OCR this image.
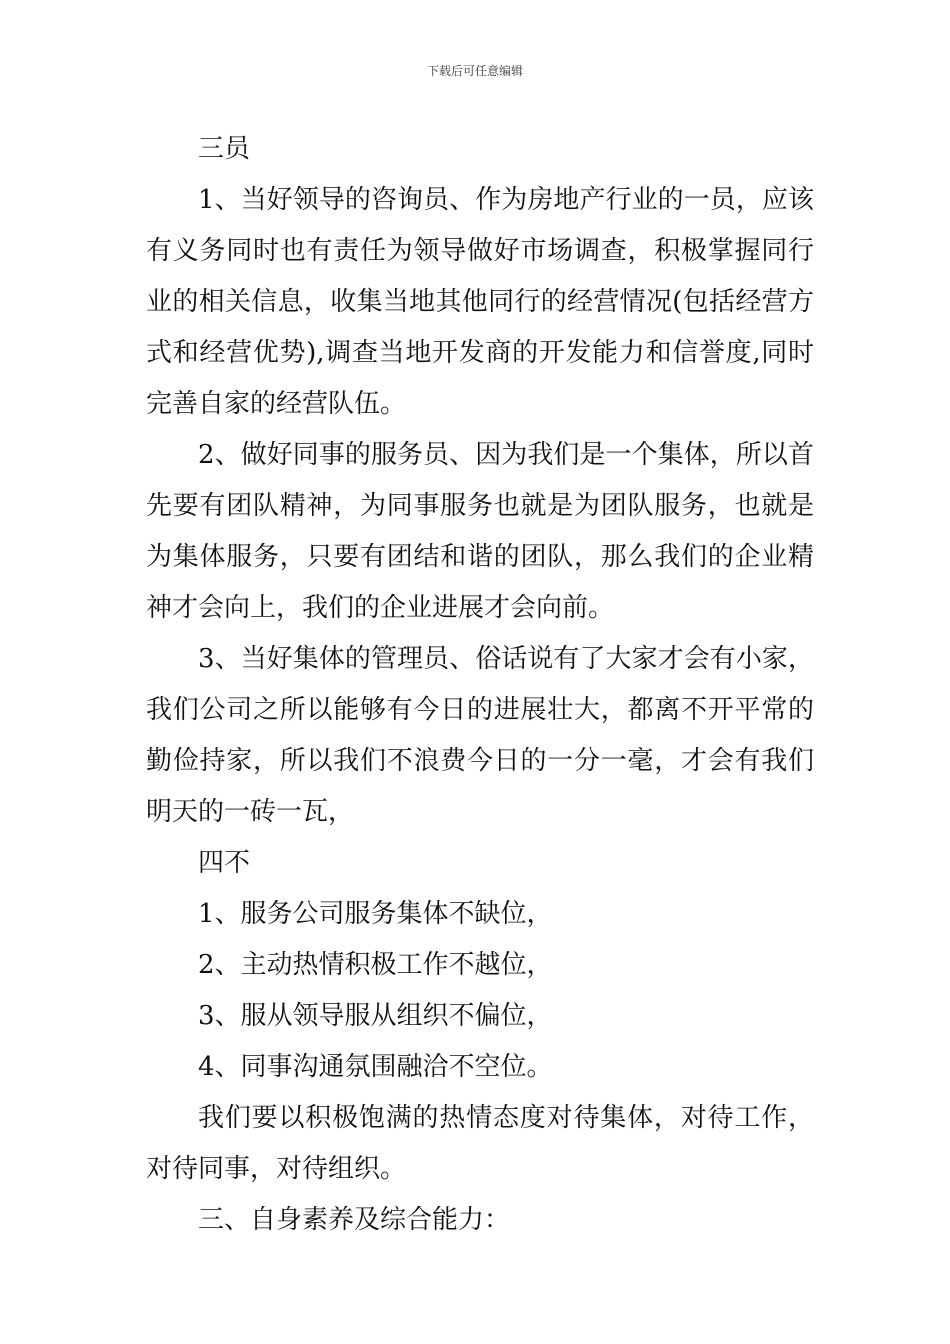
下载后可任意编辑

三员

1、当好领导的咨询员、作为房地产行业的一员，应该有义务同时也有责任为领导做好市场调查，积极掌握同行业的相关信息，收集当地其他同行的经营情况(包括经营方式和经营优势),调查当地开发商的开发能力和信誉度,同时完善自家的经营队伍。

2、做好同事的服务员、因为我们是一个集体，所以首先要有团队精神，为同事服务也就是为团队服务，也就是为集体服务，只要有团结和谐的团队，那么我们的企业精神才会向上，我们的企业进展才会向前。

3、当好集体的管理员、俗话说有了大家才会有小家，我们公司之所以能够有今日的进展壮大，都离不开平常的勤俭持家，所以我们不浪费今日的一分一毫，才会有我们明天的一砖一瓦，

四不

1、服务公司服务集体不缺位，

2、主动热情积极工作不越位，

3、服从领导服从组织不偏位，

4、同事沟通氛围融洽不空位。

我们要以积极饱满的热情态度对待集体，对待工作，对待同事，对待组织。

三、自身素养及综合能力：
